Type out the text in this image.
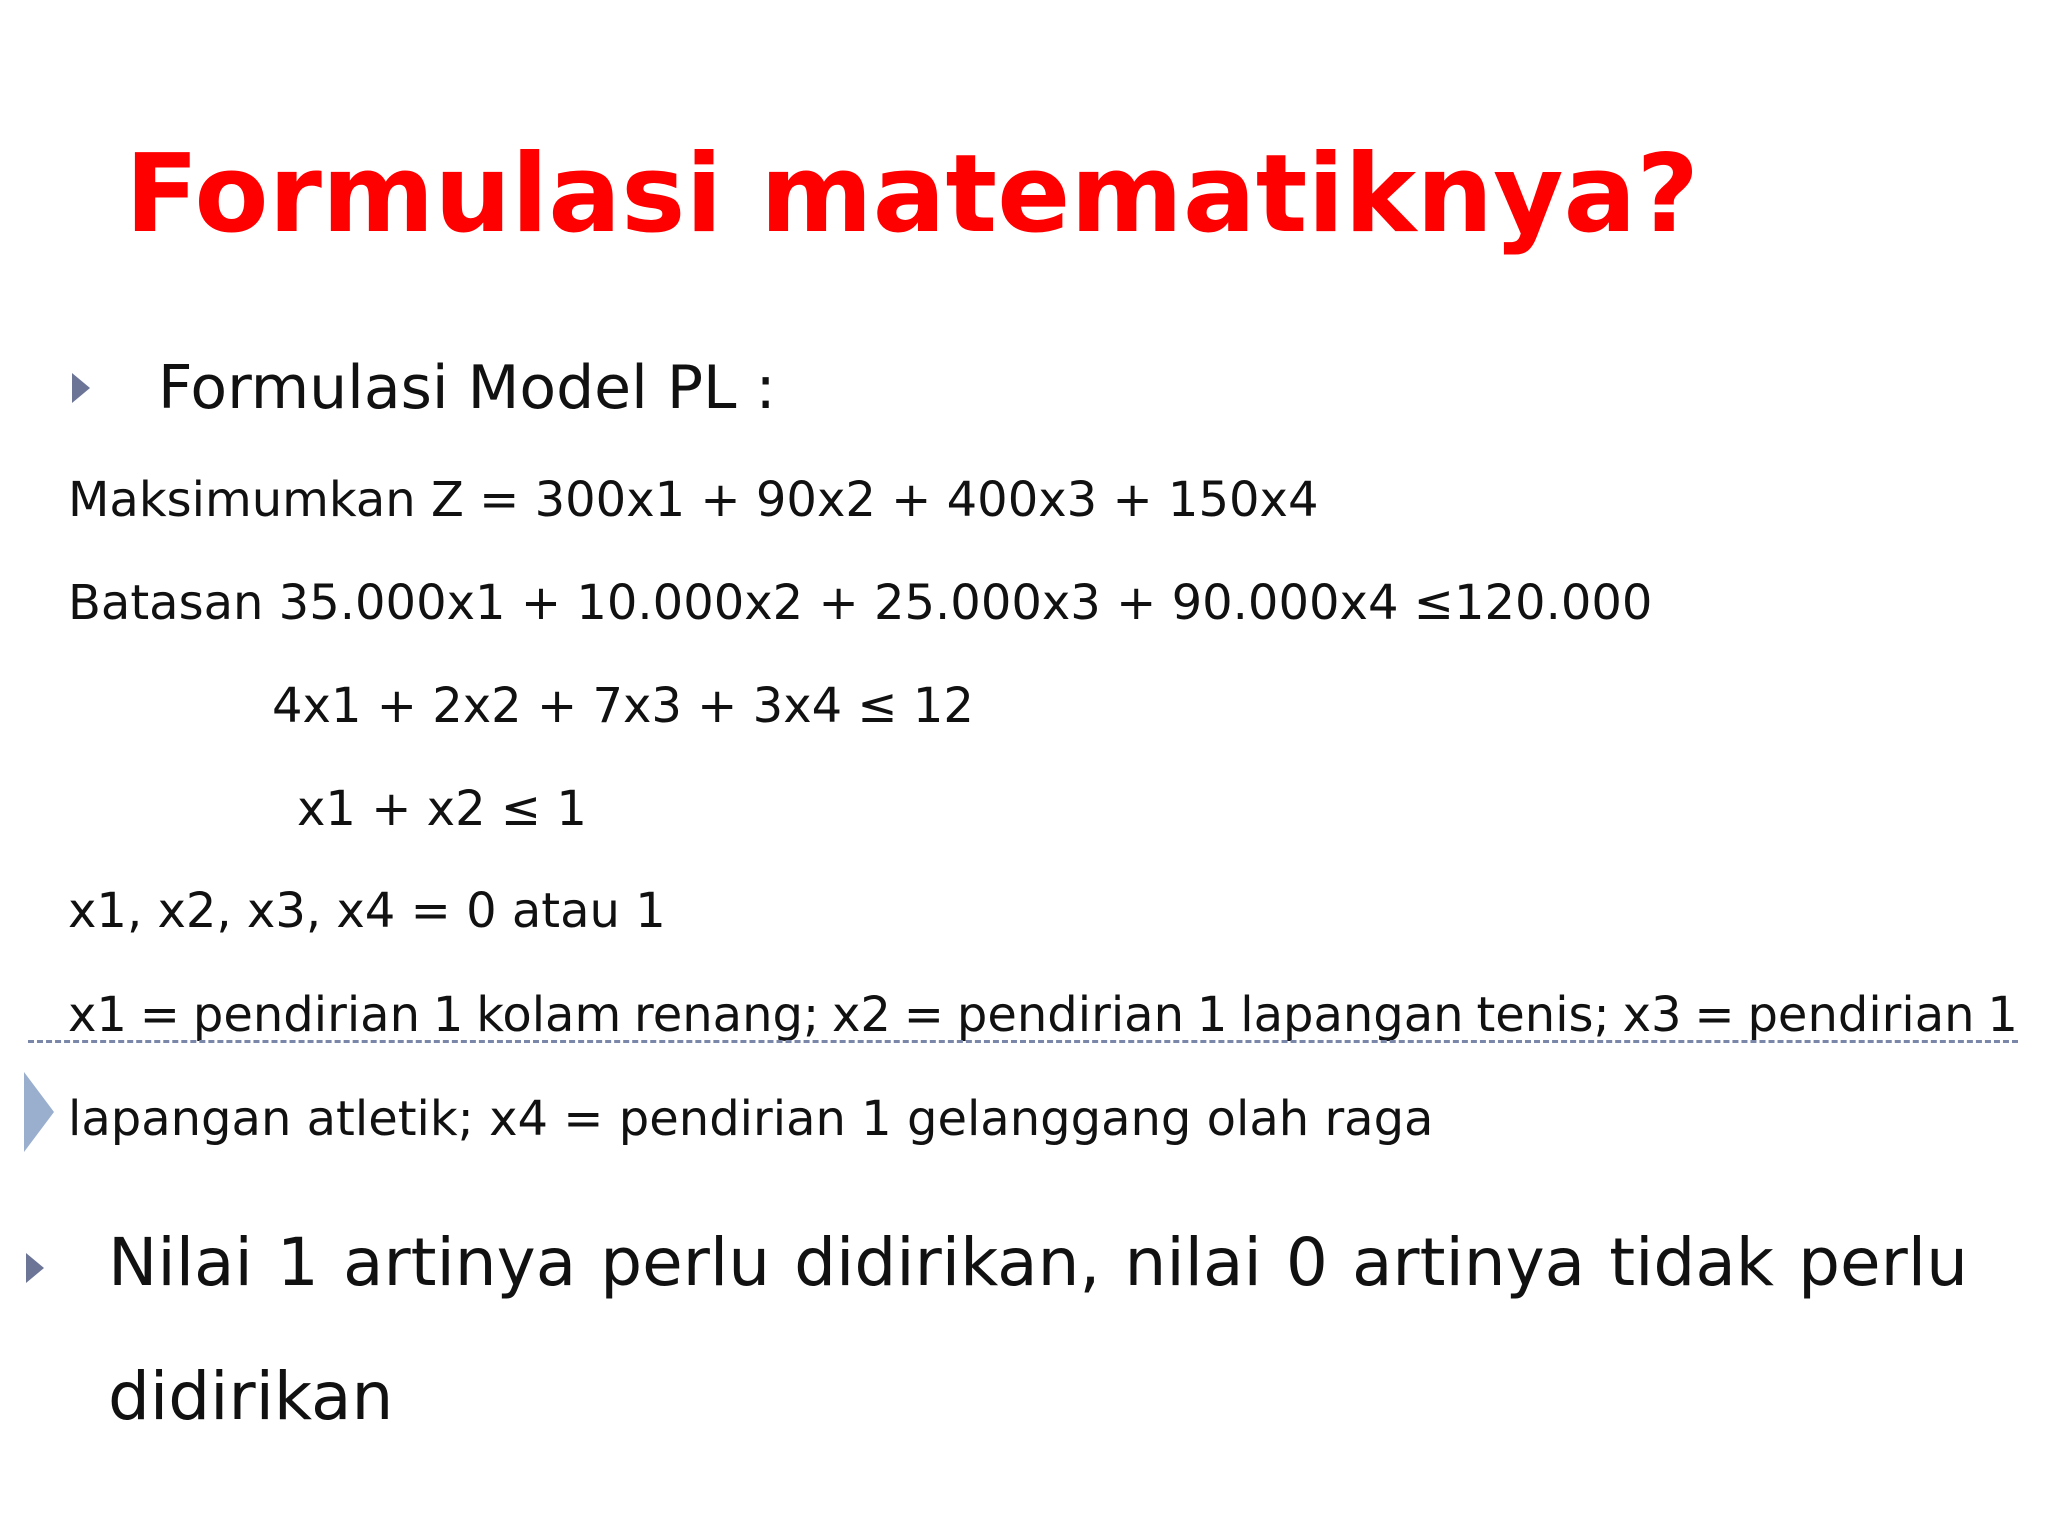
Formulasi matematiknya?
Formulasi Model PL :
Maksimumkan Z = 300x1 + 90x2 + 400x3 + 150x4
Batasan 35.000x1 + 10.000x2 + 25.000x3 + 90.000x4 ≤120.000
4x1 + 2x2 + 7x3 + 3x4 ≤ 12
x1 + x2 ≤ 1
x1, x2, x3, x4 = 0 atau 1
x1 = pendirian 1 kolam renang; x2 = pendirian 1 lapangan tenis; x3 = pendirian 1
lapangan atletik; x4 = pendirian 1 gelanggang olah raga
Nilai 1 artinya perlu didirikan, nilai 0 artinya tidak perlu
didirikan
